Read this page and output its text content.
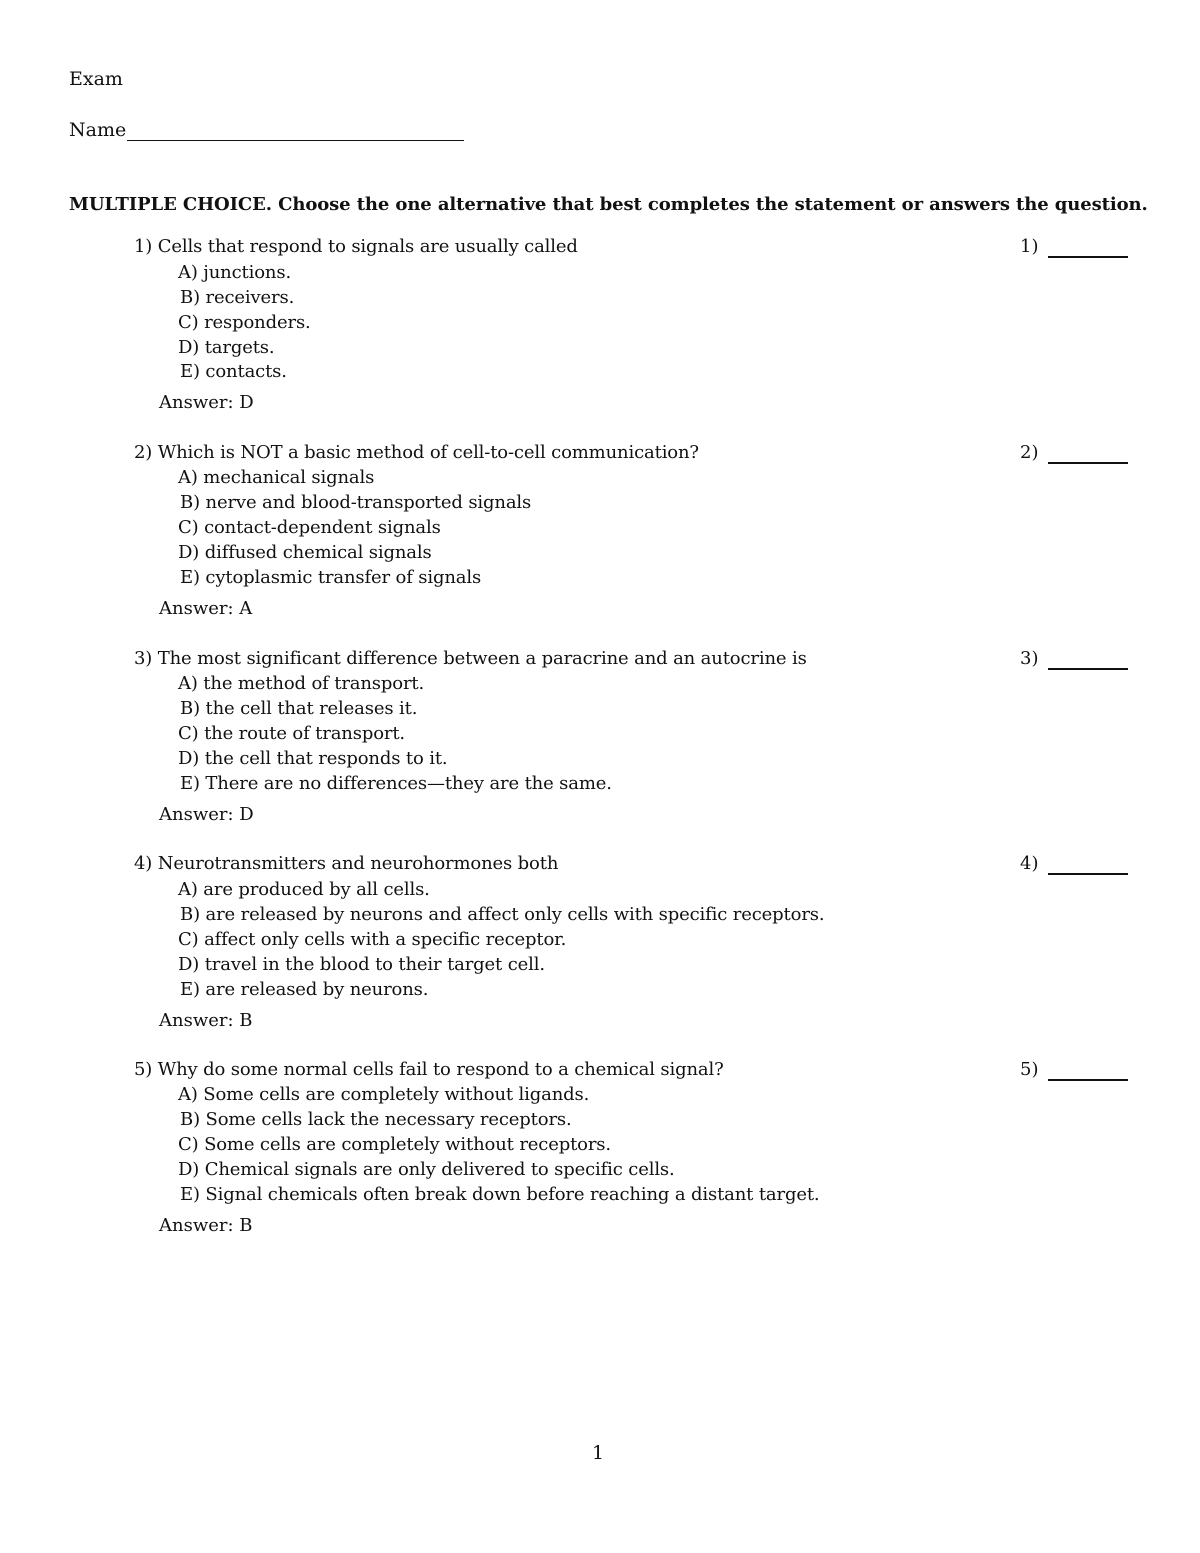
Exam
Name
MULTIPLE CHOICE. Choose the one alternative that best completes the statement or answers the question.
1) Cells that respond to signals are usually called	1)
A) junctions.
B) receivers.
C) responders.
D) targets.
E) contacts.
Answer: D
2) Which is NOT a basic method of cell-to-cell communication?	2)
A) mechanical signals
B) nerve and blood-transported signals
C) contact-dependent signals
D) diffused chemical signals
E) cytoplasmic transfer of signals
Answer: A
3) The most significant difference between a paracrine and an autocrine is	3)
A) the method of transport.
B) the cell that releases it.
C) the route of transport.
D) the cell that responds to it.
E) There are no differences—they are the same.
Answer: D
4) Neurotransmitters and neurohormones both	4)
A) are produced by all cells.
B) are released by neurons and affect only cells with specific receptors.
C) affect only cells with a specific receptor.
D) travel in the blood to their target cell.
E) are released by neurons.
Answer: B
5) Why do some normal cells fail to respond to a chemical signal?	5)
A) Some cells are completely without ligands.
B) Some cells lack the necessary receptors.
C) Some cells are completely without receptors.
D) Chemical signals are only delivered to specific cells.
E) Signal chemicals often break down before reaching a distant target.
Answer: B
1
